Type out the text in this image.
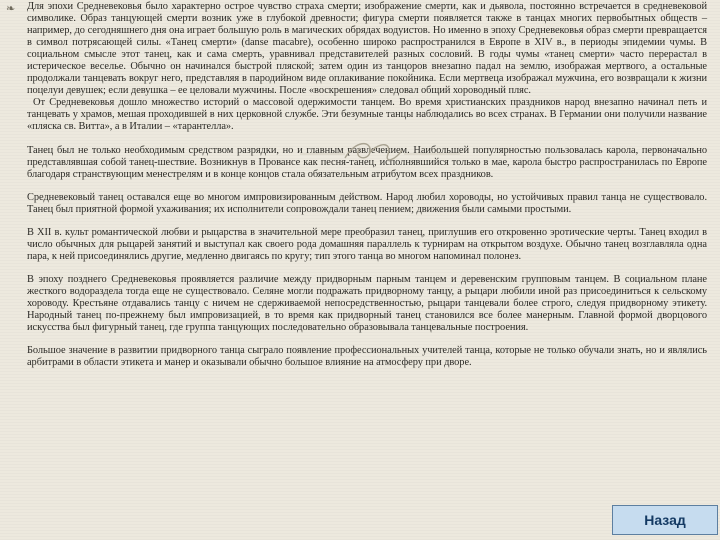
❧ Для эпохи Средневековья было характерно острое чувство страха смерти; изображение смерти, как и дьявола, постоянно встречается в средневековой символике. Образ танцующей смерти возник уже в глубокой древности; фигура смерти появляется также в танцах многих первобытных обществ – например, до сегодняшнего дня она играет большую роль в магических обрядах водуистов. Но именно в эпоху Средневековья образ смерти превращается в символ потрясающей силы. «Танец смерти» (danse macabre), особенно широко распространился в Европе в XIV в., в периоды эпидемии чумы. В социальном смысле этот танец, как и сама смерть, уравнивал представителей разных сословий. В годы чумы «танец смерти» часто перерастал в истерическое веселье. Обычно он начинался быстрой пляской; затем один из танцоров внезапно падал на землю, изображая мертвого, а остальные продолжали танцевать вокруг него, представляя в пародийном виде оплакивание покойника. Если мертвеца изображал мужчина, его возвращали к жизни поцелуи девушек; если девушка – ее целовали мужчины. После «воскрешения» следовал общий хороводный пляс.

От Средневековья дошло множество историй о массовой одержимости танцем. Во время христианских праздников народ внезапно начинал петь и танцевать у храмов, мешая проходившей в них церковной службе. Эти безумные танцы наблюдались во всех странах. В Германии они получили название «пляска св. Витта», а в Италии – «тарантелла».

Танец был не только необходимым средством разрядки, но и главным развлечением. Наибольшей популярностью пользовалась карола, первоначально представлявшая собой танец-шествие. Возникнув в Провансе как песня-танец, исполнявшийся только в мае, карола быстро распространилась по Европе благодаря странствующим менестрелям и в конце концов стала обязательным атрибутом всех праздников.

Средневековый танец оставался еще во многом импровизированным действом. Народ любил хороводы, но устойчивых правил танца не существовало. Танец был приятной формой ухаживания; их исполнители сопровождали танец пением; движения были самыми простыми.

В XII в. культ романтической любви и рыцарства в значительной мере преобразил танец, приглушив его откровенно эротические черты. Танец входил в число обычных для рыцарей занятий и выступал как своего рода домашняя параллель к турнирам на открытом воздухе. Обычно танец возглавляла одна пара, к ней присоединялись другие, медленно двигаясь по кругу; тип этого танца во многом напоминал полонез.

В эпоху позднего Средневековья проявляется различие между придворным парным танцем и деревенским групповым танцем. В социальном плане жесткого водораздела тогда еще не существовало. Селяне могли подражать придворному танцу, а рыцари любили иной раз присоединиться к сельскому хороводу. Крестьяне отдавались танцу с ничем не сдерживаемой непосредственностью, рыцари танцевали более строго, следуя придворному этикету. Народный танец по-прежнему был импровизацией, в то время как придворный танец становился все более манерным. Главной формой дворцового искусства был фигурный танец, где группа танцующих последовательно образовывала танцевальные построения.

Большое значение в развитии придворного танца сыграло появление профессиональных учителей танца, которые не только обучали знать, но и являлись арбитрами в области этикета и манер и оказывали обычно большое влияние на атмосферу при дворе.

Назад
